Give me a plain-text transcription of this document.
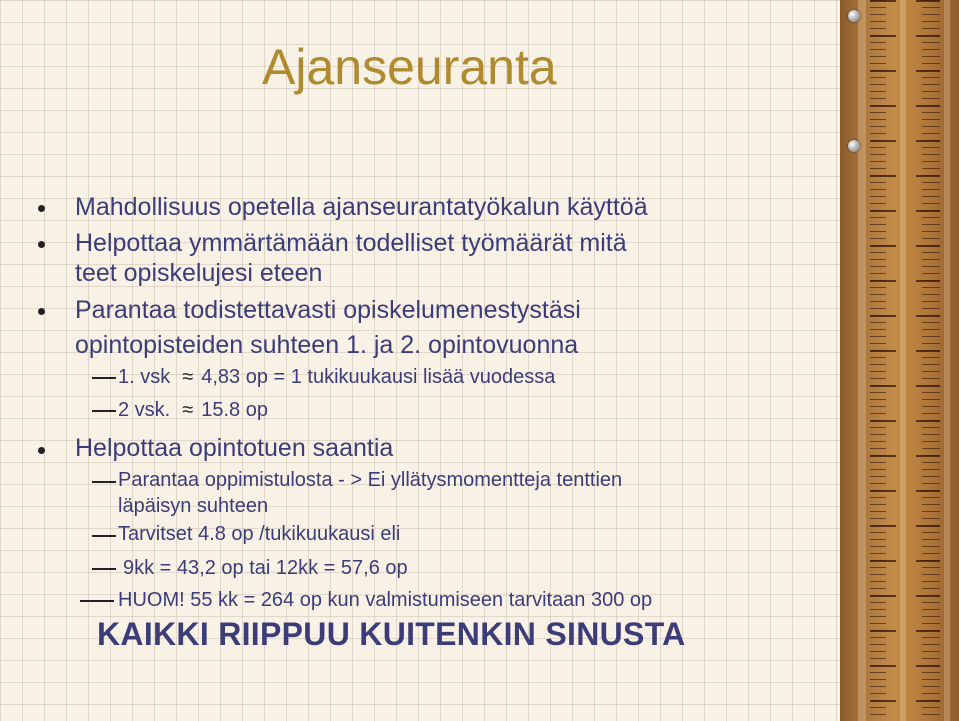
Ajanseuranta
Mahdollisuus opetella ajanseurantatyökalun käyttöä
Helpottaa ymmärtämään todelliset työmäärät mitä
teet opiskelujesi eteen
Parantaa todistettavasti opiskelumenestystäsi
opintopisteiden suhteen 1. ja 2. opintovuonna
1. vsk ≈ 4,83 op = 1 tukikuukausi lisää vuodessa
2 vsk. ≈ 15.8 op
Helpottaa opintotuen saantia
Parantaa oppimistulosta - > Ei yllätysmomentteja tenttien
läpäisyn suhteen
Tarvitset 4.8 op /tukikuukausi eli
9kk = 43,2 op tai 12kk = 57,6 op
HUOM! 55 kk = 264 op kun valmistumiseen tarvitaan 300 op
KAIKKI RIIPPUU KUITENKIN SINUSTA
